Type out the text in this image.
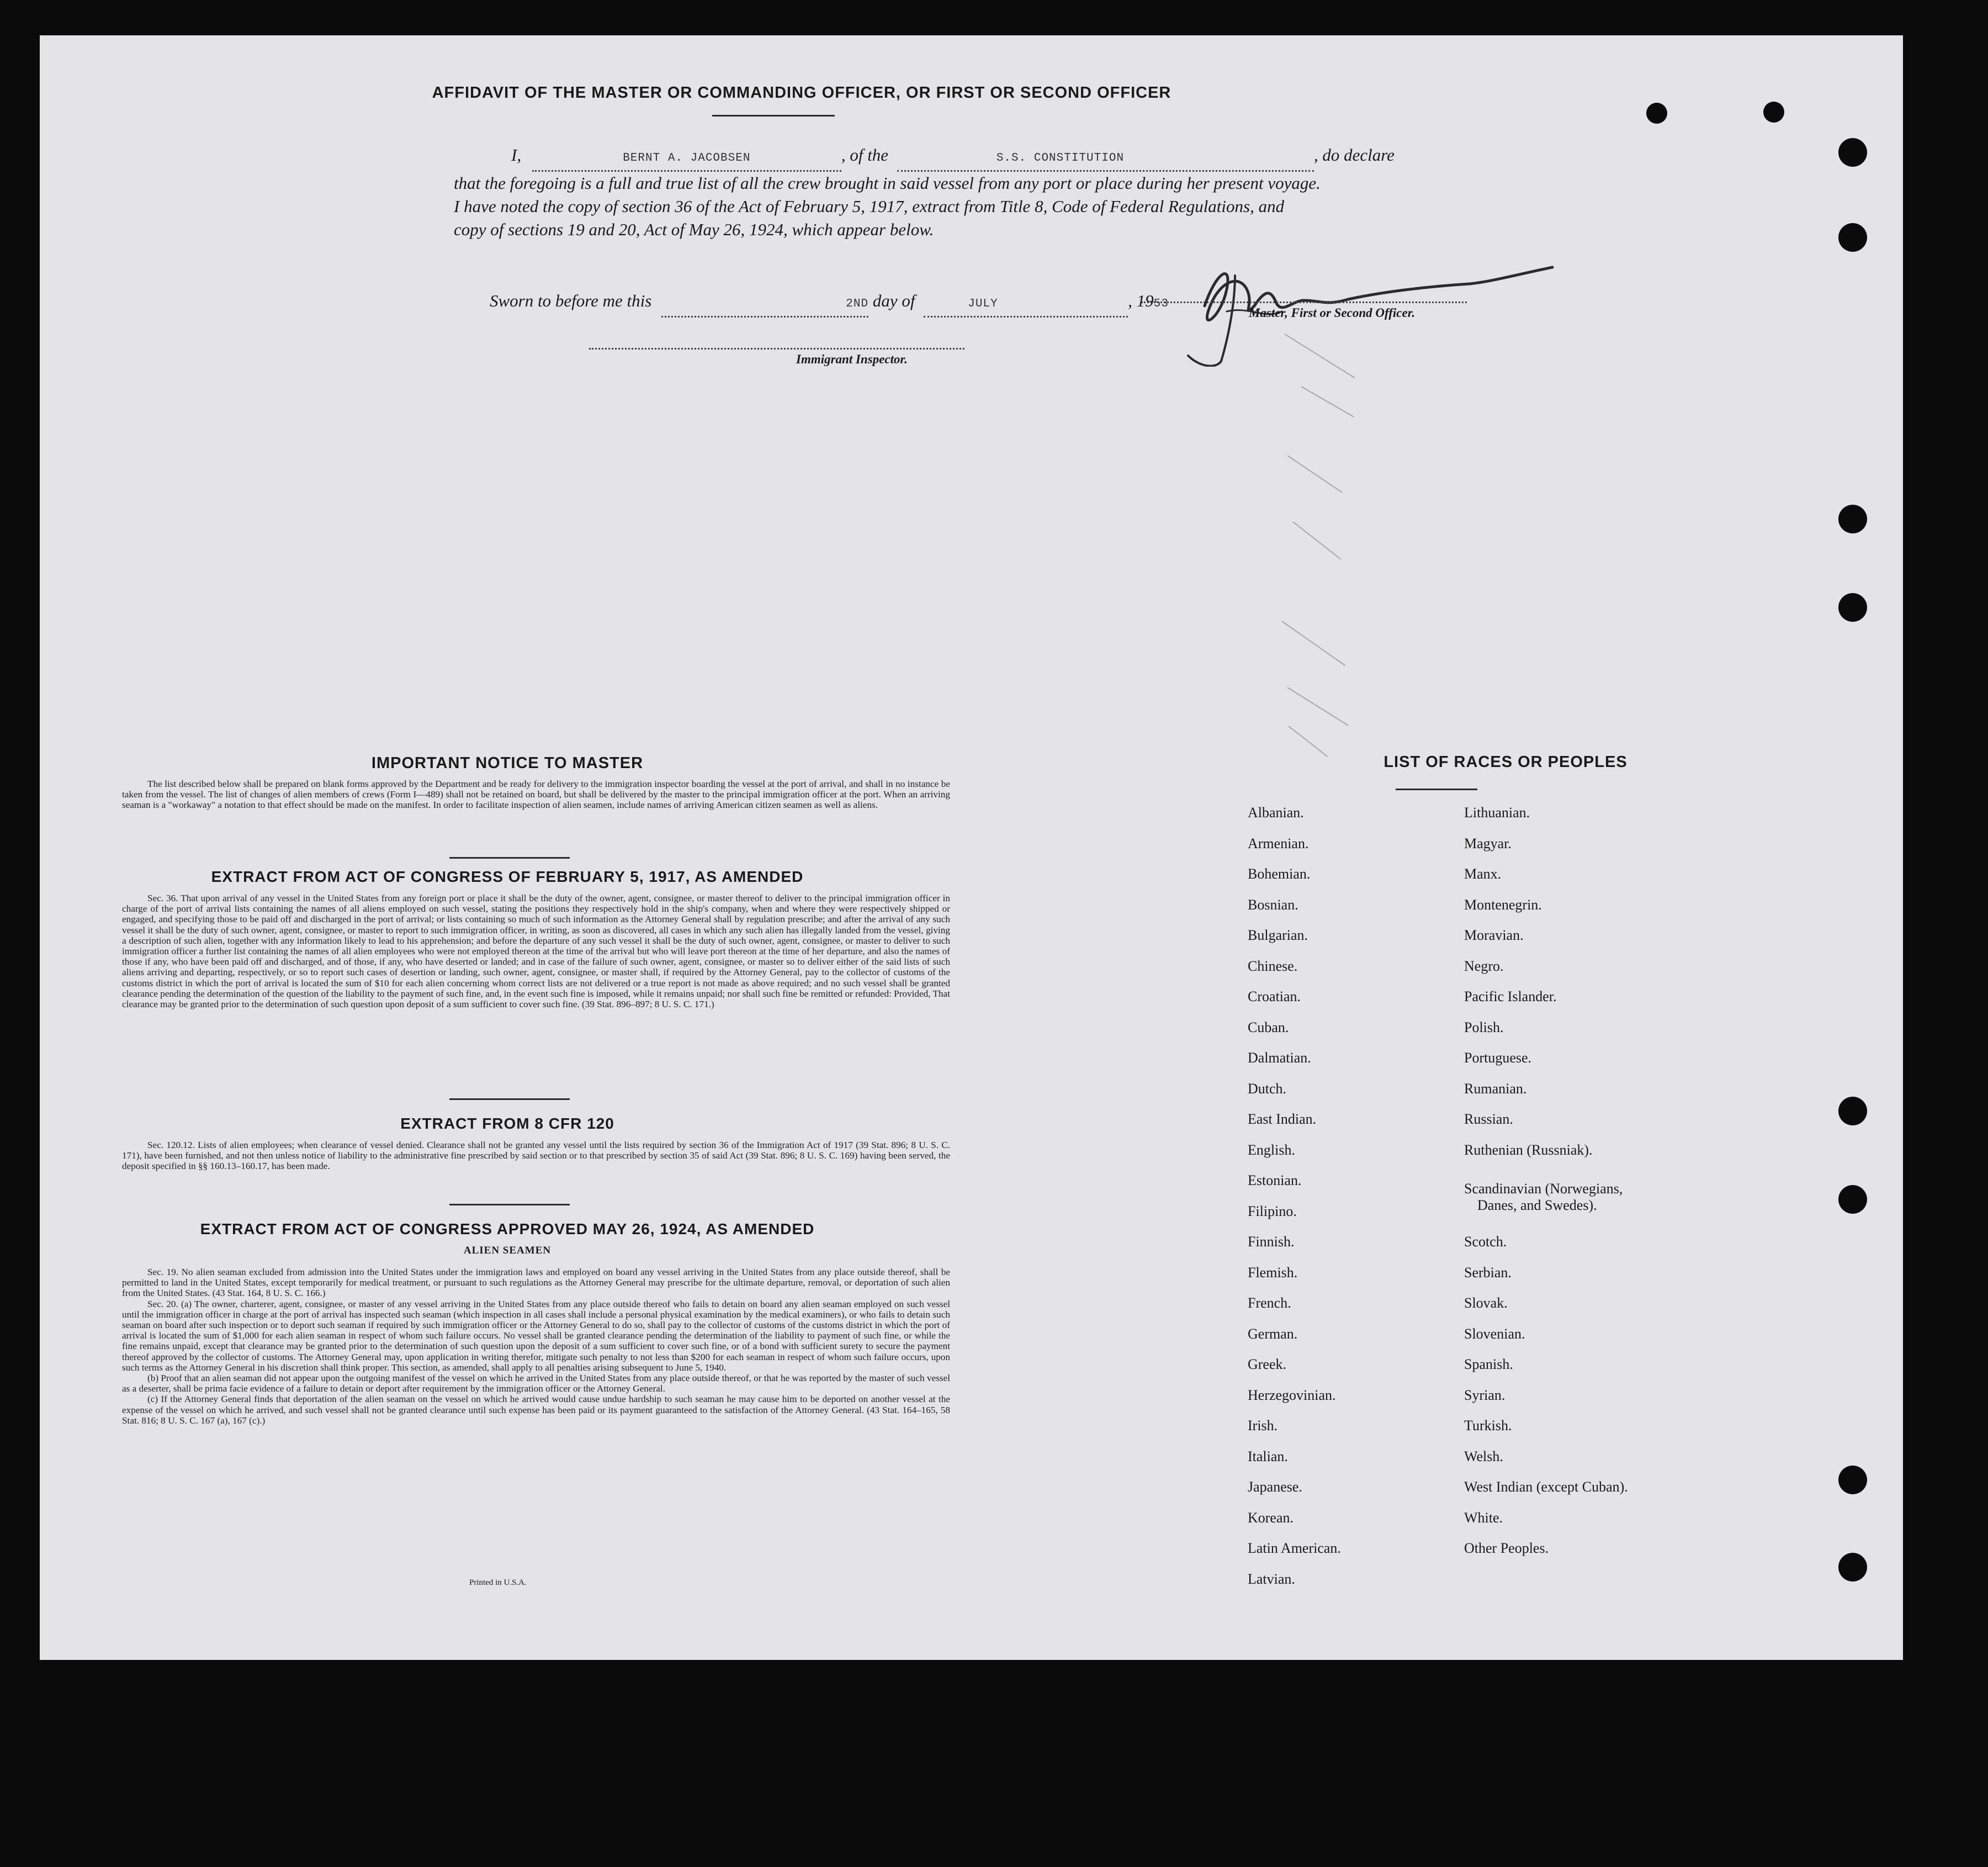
AFFIDAVIT OF THE MASTER OR COMMANDING OFFICER, OR FIRST OR SECOND OFFICER
I,	BERNT A. JACOBSEN	, of the	S.S. CONSTITUTION	, do declare
that the foregoing is a full and true list of all the crew brought in said vessel from any port or place during her present voyage.
I have noted the copy of section 36 of the Act of February 5, 1917, extract from Title 8, Code of Federal Regulations, and
copy of sections 19 and 20, Act of May 26, 1924, which appear below.
Master, First or Second Officer.
Sworn to before me this	2ND day of	JULY	, 1953
Immigrant Inspector.
IMPORTANT NOTICE TO MASTER

The list described below shall be prepared on blank forms approved by the Department and be ready for delivery to the immigration inspector boarding the vessel at the port of arrival, and shall in no instance be taken from the vessel. The list of changes of alien members of crews (Form I—489) shall not be retained on board, but shall be delivered by the master to the principal immigration officer at the port. When an arriving seaman is a "workaway" a notation to that effect should be made on the manifest. In order to facilitate inspection of alien seamen, include names of arriving American citizen seamen as well as aliens.

EXTRACT FROM ACT OF CONGRESS OF FEBRUARY 5, 1917, AS AMENDED

Sec. 36. That upon arrival of any vessel in the United States from any foreign port or place it shall be the duty of the owner, agent, consignee, or master thereof to deliver to the principal immigration officer in charge of the port of arrival lists containing the names of all aliens employed on such vessel, stating the positions they respectively hold in the ship's company, when and where they were respectively shipped or engaged, and specifying those to be paid off and discharged in the port of arrival; or lists containing so much of such information as the Attorney General shall by regulation prescribe; and after the arrival of any such vessel it shall be the duty of such owner, agent, consignee, or master to report to such immigration officer, in writing, as soon as discovered, all cases in which any such alien has illegally landed from the vessel, giving a description of such alien, together with any information likely to lead to his apprehension; and before the departure of any such vessel it shall be the duty of such owner, agent, consignee, or master to deliver to such immigration officer a further list containing the names of all alien employees who were not employed thereon at the time of the arrival but who will leave port thereon at the time of her departure, and also the names of those if any, who have been paid off and discharged, and of those, if any, who have deserted or landed; and in case of the failure of such owner, agent, consignee, or master so to deliver either of the said lists of such aliens arriving and departing, respectively, or so to report such cases of desertion or landing, such owner, agent, consignee, or master shall, if required by the Attorney General, pay to the collector of customs of the customs district in which the port of arrival is located the sum of $10 for each alien concerning whom correct lists are not delivered or a true report is not made as above required; and no such vessel shall be granted clearance pending the determination of the question of the liability to the payment of such fine, and, in the event such fine is imposed, while it remains unpaid; nor shall such fine be remitted or refunded: Provided, That clearance may be granted prior to the determination of such question upon deposit of a sum sufficient to cover such fine. (39 Stat. 896–897; 8 U. S. C. 171.)

EXTRACT FROM 8 CFR 120

Sec. 120.12. Lists of alien employees; when clearance of vessel denied. Clearance shall not be granted any vessel until the lists required by section 36 of the Immigration Act of 1917 (39 Stat. 896; 8 U. S. C. 171), have been furnished, and not then unless notice of liability to the administrative fine prescribed by said section or to that prescribed by section 35 of said Act (39 Stat. 896; 8 U. S. C. 169) having been served, the deposit specified in §§ 160.13–160.17, has been made.

EXTRACT FROM ACT OF CONGRESS APPROVED MAY 26, 1924, AS AMENDED
ALIEN SEAMEN

Sec. 19. No alien seaman excluded from admission into the United States under the immigration laws and employed on board any vessel arriving in the United States from any place outside thereof, shall be permitted to land in the United States, except temporarily for medical treatment, or pursuant to such regulations as the Attorney General may prescribe for the ultimate departure, removal, or deportation of such alien from the United States. (43 Stat. 164, 8 U. S. C. 166.)

Sec. 20. (a) The owner, charterer, agent, consignee, or master of any vessel arriving in the United States from any place outside thereof who fails to detain on board any alien seaman employed on such vessel until the immigration officer in charge at the port of arrival has inspected such seaman (which inspection in all cases shall include a personal physical examination by the medical examiners), or who fails to detain such seaman on board after such inspection or to deport such seaman if required by such immigration officer or the Attorney General to do so, shall pay to the collector of customs of the customs district in which the port of arrival is located the sum of $1,000 for each alien seaman in respect of whom such failure occurs. No vessel shall be granted clearance pending the determination of the liability to payment of such fine, or while the fine remains unpaid, except that clearance may be granted prior to the determination of such question upon the deposit of a sum sufficient to cover such fine, or of a bond with sufficient surety to secure the payment thereof approved by the collector of customs. The Attorney General may, upon application in writing therefor, mitigate such penalty to not less than $200 for each seaman in respect of whom such failure occurs, upon such terms as the Attorney General in his discretion shall think proper. This section, as amended, shall apply to all penalties arising subsequent to June 5, 1940.

(b) Proof that an alien seaman did not appear upon the outgoing manifest of the vessel on which he arrived in the United States from any place outside thereof, or that he was reported by the master of such vessel as a deserter, shall be prima facie evidence of a failure to detain or deport after requirement by the immigration officer or the Attorney General.

(c) If the Attorney General finds that deportation of the alien seaman on the vessel on which he arrived would cause undue hardship to such seaman he may cause him to be deported on another vessel at the expense of the vessel on which he arrived, and such vessel shall not be granted clearance until such expense has been paid or its payment guaranteed to the satisfaction of the Attorney General. (43 Stat. 164–165, 58 Stat. 816; 8 U. S. C. 167 (a), 167 (c).)

Printed in U.S.A.
LIST OF RACES OR PEOPLES
Albanian.
Armenian.
Bohemian.
Bosnian.
Bulgarian.
Chinese.
Croatian.
Cuban.
Dalmatian.
Dutch.
East Indian.
English.
Estonian.
Filipino.
Finnish.
Flemish.
French.
German.
Greek.
Herzegovinian.
Irish.
Italian.
Japanese.
Korean.
Latin American.
Latvian.
Lithuanian.
Magyar.
Manx.
Montenegrin.
Moravian.
Negro.
Pacific Islander.
Polish.
Portuguese.
Rumanian.
Russian.
Ruthenian (Russniak).
Scandinavian (Norwegians,
Danes, and Swedes).
Scotch.
Serbian.
Slovak.
Slovenian.
Spanish.
Syrian.
Turkish.
Welsh.
West Indian (except Cuban).
White.
Other Peoples.
